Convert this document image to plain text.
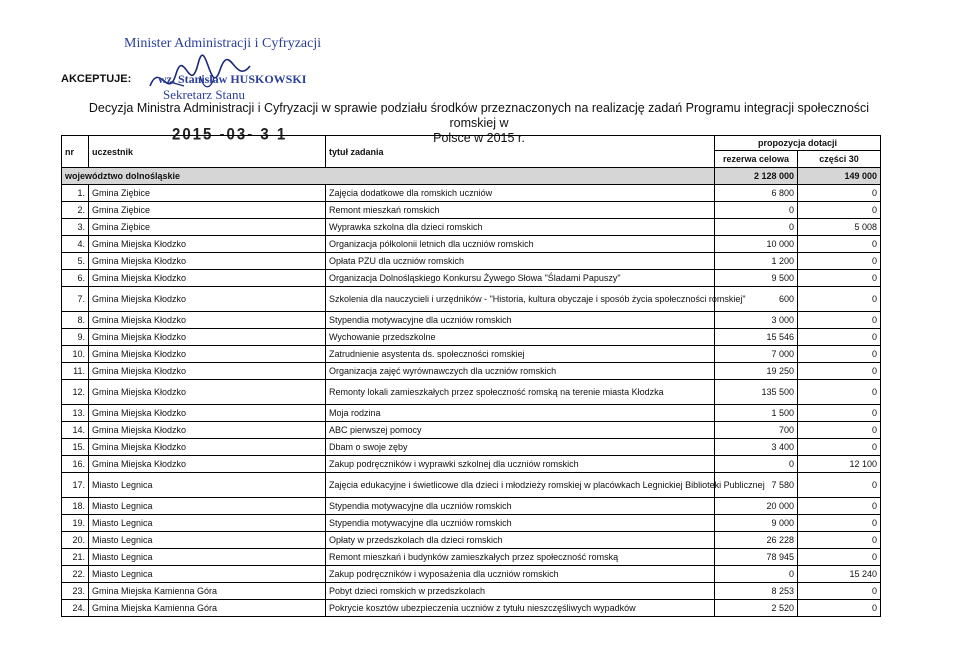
Minister Administracji i Cyfryzacji
AKCEPTUJE: wz. Stanisław HUSKOWSKI
Sekretarz Stanu
Decyzja Ministra Administracji i Cyfryzacji w sprawie podziału środków przeznaczonych na realizację zadań Programu integracji społeczności romskiej w
Polsce w 2015 r.
2015 -03- 3 1
nr	uczestnik	tytuł zadania	propozycja dotacji	
			rezerwa celowa	części 30
województwo dolnośląskie			2 128 000	149 000
1.	Gmina Ziębice	Zajęcia dodatkowe dla romskich uczniów	6 800	0
2.	Gmina Ziębice	Remont mieszkań romskich	0	0
3.	Gmina Ziębice	Wyprawka szkolna dla dzieci romskich	0	5 008
4.	Gmina Miejska Kłodzko	Organizacja półkolonii letnich dla uczniów romskich	10 000	0
5.	Gmina Miejska Kłodzko	Opłata PZU dla uczniów romskich	1 200	0
6.	Gmina Miejska Kłodzko	Organizacja Dolnośląskiego Konkursu Żywego Słowa "Śladami Papuszy"	9 500	0
7.	Gmina Miejska Kłodzko	Szkolenia dla nauczycieli i urzędników - "Historia, kultura obyczaje i sposób życia społeczności romskiej"	600	0
8.	Gmina Miejska Kłodzko	Stypendia motywacyjne dla uczniów romskich	3 000	0
9.	Gmina Miejska Kłodzko	Wychowanie przedszkolne	15 546	0
10.	Gmina Miejska Kłodzko	Zatrudnienie asystenta ds. społeczności romskiej	7 000	0
11.	Gmina Miejska Kłodzko	Organizacja zajęć wyrównawczych dla uczniów romskich	19 250	0
12.	Gmina Miejska Kłodzko	Remonty lokali zamieszkałych przez społeczność romską na terenie miasta Kłodzka	135 500	0
13.	Gmina Miejska Kłodzko	Moja rodzina	1 500	0
14.	Gmina Miejska Kłodzko	ABC pierwszej pomocy	700	0
15.	Gmina Miejska Kłodzko	Dbam o swoje zęby	3 400	0
16.	Gmina Miejska Kłodzko	Zakup podręczników i wyprawki szkolnej dla uczniów romskich	0	12 100
17.	Miasto Legnica	Zajęcia edukacyjne i świetlicowe dla dzieci i młodzieży romskiej w placówkach Legnickiej Biblioteki Publicznej	7 580	0
18.	Miasto Legnica	Stypendia motywacyjne dla uczniów romskich	20 000	0
19.	Miasto Legnica	Stypendia motywacyjne dla uczniów romskich	9 000	0
20.	Miasto Legnica	Opłaty w przedszkolach dla dzieci romskich	26 228	0
21.	Miasto Legnica	Remont mieszkań i budynków zamieszkałych przez społeczność romską	78 945	0
22.	Miasto Legnica	Zakup podręczników i wyposażenia dla uczniów romskich	0	15 240
23.	Gmina Miejska Kamienna Góra	Pobyt dzieci romskich w przedszkolach	8 253	0
24.	Gmina Miejska Kamienna Góra	Pokrycie kosztów ubezpieczenia uczniów z tytułu nieszczęśliwych wypadków	2 520	0
